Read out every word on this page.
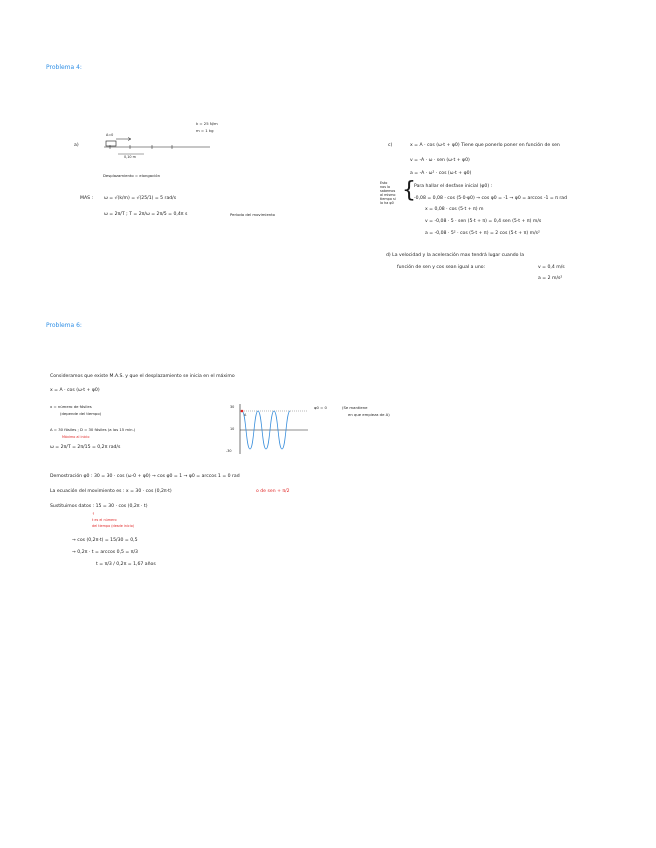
Problema 4:
k = 25 N/m
m = 1 kg
a)
A=0
0,10 m
Desplazamiento = elongación
MAS : ω = √(k/m) = √(25/1) = 5 rad/s
ω = 2π/T ; T = 2π/ω = 2π/5 = 0,4π s	Período del movimiento
c)	x = A · cos (ω·t + φ0) Tiene que ponerlo poner en función de sen
v = -A · ω · sen (ω·t + φ0)
a = -A · ω² · cos (ω·t + φ0)
Esto
nos lo
sabemos
al mismo
tiempo si
lo ha φ0 {
Para hallar el desfase inicial (φ0) :
-0,08 = 0,08 · cos (5·0·φ0) → cos φ0 = -1 → φ0 = arccos -1 = π rad
x = 0,08 · cos (5·t + π) m
v = -0,08 · 5 · sen (5·t + π) = 0,4 sen (5·t + π) m/s
a = -0,08 · 5² · cos (5·t + π) = 2 cos (5·t + π) m/s²
d) La velocidad y la aceleración max tendrá lugar cuando la
función de sen y cos sean igual a uno:	v = 0,4 m/s
a = 2 m/s²
Problema 6:
Consideramos que existe M.A.S. y que el desplazamiento se inicia en el máximo
x = A · cos (ω·t + φ0)
x = número de fósiles
(depende del tiempo)
A = 30 fósiles ; D = 30 fósiles (a los 15 min.)
Máximo al inicio
ω = 2π/T = 2π/15 = 0,2π rad/s
30
10
-30
A
φ0 = 0	(Se mantiene
en que empieza de A)
Demostración φ0 : 30 = 30 · cos (ω·0 + φ0) → cos φ0 = 1 → φ0 = arccos 1 = 0 rad
La ecuación del movimiento es : x = 30 · cos (0,2π·t)	o de sen + π/2
Sustituimos datos : 15 = 30 · cos (0,2π · t)
↑
t es el número
del tiempo (desde inicio)
→ cos (0,2π·t) = 15/30 = 0,5
→ 0,2π · t = arccos 0,5 = π/3
t = π/3 / 0,2π = 1,67 años
